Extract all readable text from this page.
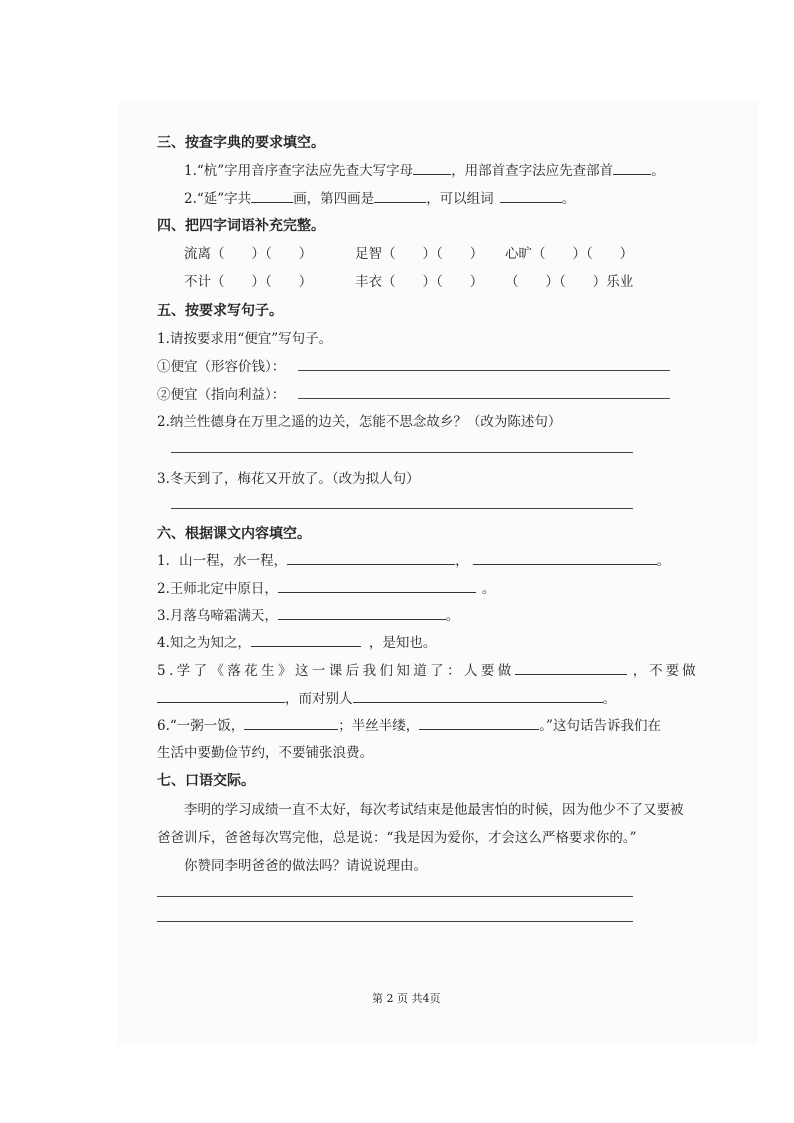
三、按查字典的要求填空。
1.“杭”字用音序查字法应先查大写字母	，用部首查字法应先查部首	。
2.“延”字共	画，第四画是	，可以组词	。
四、把四字词语补充完整。
流离（　　）（　　）	足智（　　）（　　） 心旷（　　）（　　）
不计（　　）（　　）	丰衣（　　）（　　） （　　）（　　）乐业
五、按要求写句子。
1.请按要求用“便宜”写句子。
①便宜（形容价钱）：
②便宜（指向利益）：
2.纳兰性德身在万里之遥的边关，怎能不思念故乡？（改为陈述句）
3.冬天到了，梅花又开放了。（改为拟人句）
六、根据课文内容填空。
1．山一程，水一程，	，	。
2.王师北定中原日，	。
3.月落乌啼霜满天，	。
4.知之为知之，	，是知也。
5.学了《落花生》这一课后我们知道了：人要做	，不要做
，而对别人	。
6.“一粥一饭，	；半丝半缕，	。”这句话告诉我们在
生活中要勤俭节约，不要铺张浪费。
七、口语交际。
李明的学习成绩一直不太好，每次考试结束是他最害怕的时候，因为他少不了又要被
爸爸训斥，爸爸每次骂完他，总是说：“我是因为爱你，才会这么严格要求你的。”
你赞同李明爸爸的做法吗？请说说理由。
第 2 页 共4页
